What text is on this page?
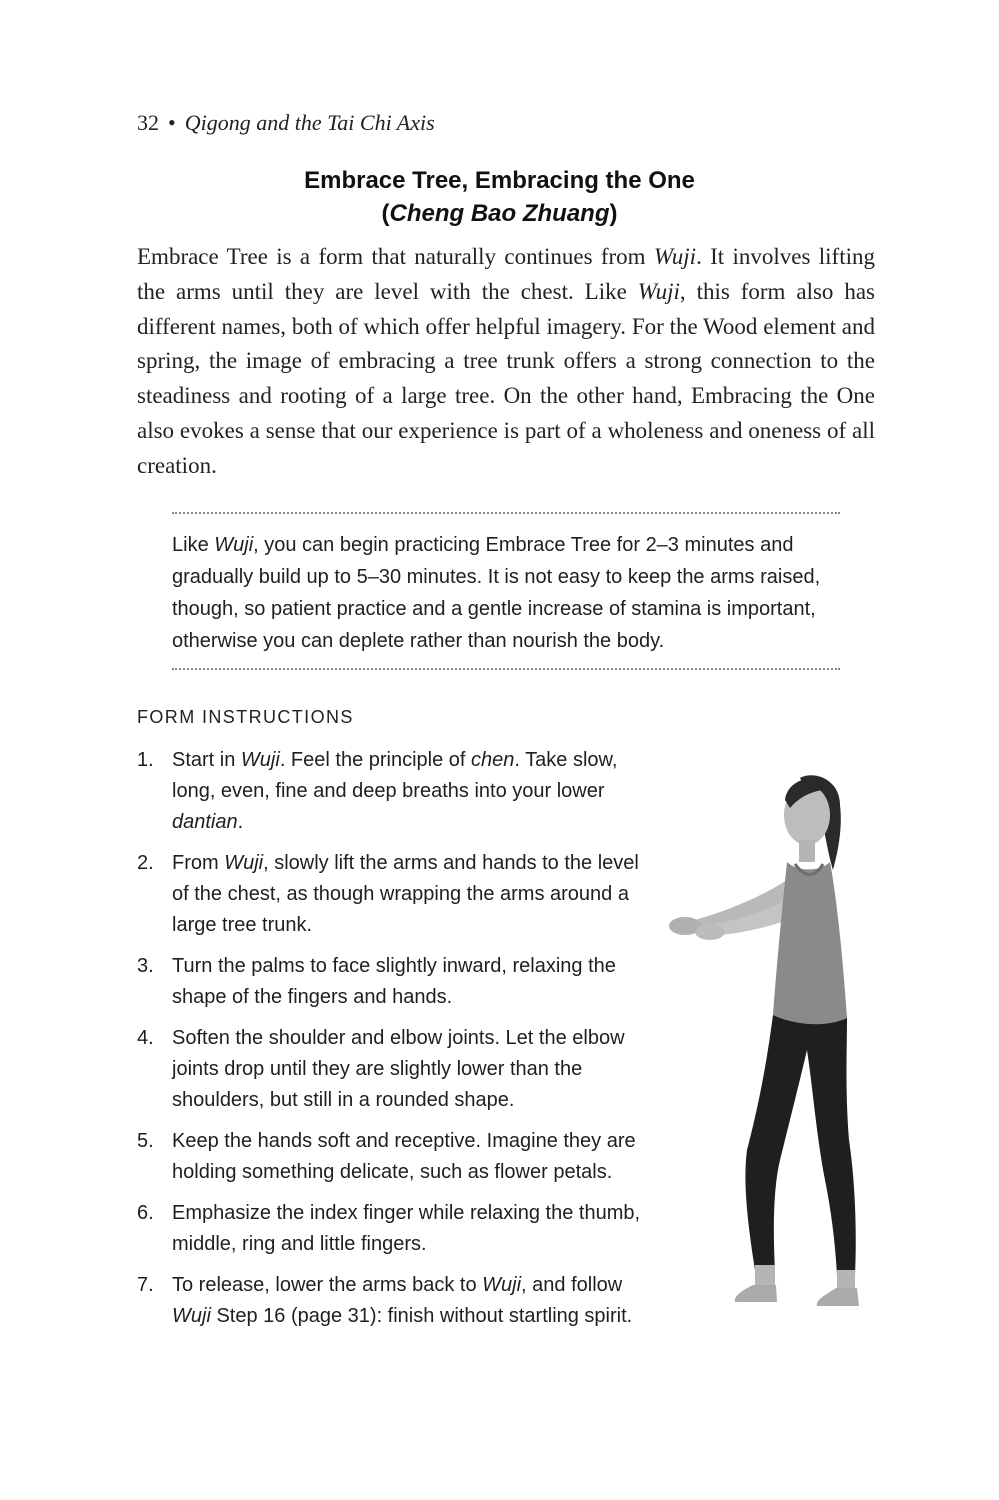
32 • Qigong and the Tai Chi Axis
Embrace Tree, Embracing the One
(Cheng Bao Zhuang)

Embrace Tree is a form that naturally continues from Wuji. It involves lifting the arms until they are level with the chest. Like Wuji, this form also has different names, both of which offer helpful imagery. For the Wood element and spring, the image of embracing a tree trunk offers a strong connection to the steadiness and rooting of a large tree. On the other hand, Embracing the One also evokes a sense that our experience is part of a wholeness and oneness of all creation.

Like Wuji, you can begin practicing Embrace Tree for 2–3 minutes and gradually build up to 5–30 minutes. It is not easy to keep the arms raised, though, so patient practice and a gentle increase of stamina is important, otherwise you can deplete rather than nourish the body.

FORM INSTRUCTIONS
1. Start in Wuji. Feel the principle of chen. Take slow, long, even, fine and deep breaths into your lower dantian.
2. From Wuji, slowly lift the arms and hands to the level of the chest, as though wrapping the arms around a large tree trunk.
3. Turn the palms to face slightly inward, relaxing the shape of the fingers and hands.
4. Soften the shoulder and elbow joints. Let the elbow joints drop until they are slightly lower than the shoulders, but still in a rounded shape.
5. Keep the hands soft and receptive. Imagine they are holding something delicate, such as flower petals.
6. Emphasize the index finger while relaxing the thumb, middle, ring and little fingers.
7. To release, lower the arms back to Wuji, and follow Wuji Step 16 (page 31): finish without startling spirit.
